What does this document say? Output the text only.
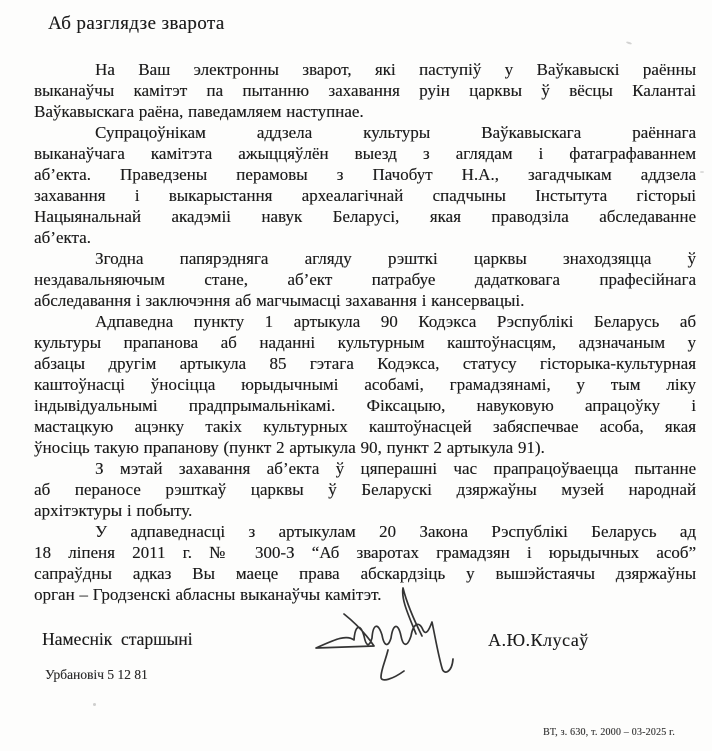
Аб разглядзе зварота
На Ваш электронны зварот, які паступіў у Ваўкавыскі раённы
выканаўчы камітэт па пытанню захавання руін царквы ў вёсцы Калантаі
Ваўкавыскага раёна, паведамляем наступнае.
Супрацоўнікам аддзела культуры Ваўкавыскага раённага
выканаўчага камітэта ажыццяўлён выезд з аглядам і фатаграфаваннем
аб’екта. Праведзены перамовы з Пачобут Н.А., загадчыкам аддзела
захавання і выкарыстання археалагічнай спадчыны Інстытута гісторыі
Нацыянальнай акадэміі навук Беларусі, якая праводзіла абследаванне
аб’екта.
Згодна папярэдняга агляду рэшткі царквы знаходзяцца ў
нездавальняючым стане, аб’ект патрабуе дадатковага прафесійнага
абследавання і заключэння аб магчымасці захавання і кансервацыі.
Адпаведна пункту 1 артыкула 90 Кодэкса Рэспублікі Беларусь аб
культуры прапанова аб наданні культурным каштоўнасцям, адзначаным у
абзацы другім артыкула 85 гэтага Кодэкса, статусу гісторыка-культурная
каштоўнасці ўносіцца юрыдычнымі асобамі, грамадзянамі, у тым ліку
індывідуальнымі прадпрымальнікамі. Фіксацыю, навуковую апрацоўку і
мастацкую ацэнку такіх культурных каштоўнасцей забяспечвае асоба, якая
ўносіць такую прапанову (пункт 2 артыкула 90, пункт 2 артыкула 91).
З мэтай захавання аб’екта ў цяперашні час прапрацоўваецца пытанне
аб пераносе рэшткаў царквы ў Беларускі дзяржаўны музей народнай
архітэктуры і побыту.
У адпаведнасці з артыкулам 20 Закона Рэспублікі Беларусь ад
18 ліпеня 2011 г. № 300-З “Аб зваротах грамадзян і юрыдычных асоб”
сапраўдны адказ Вы маеце права абскардзіць у вышэйстаячы дзяржаўны
орган – Гродзенскі абласны выканаўчы камітэт.
Намеснік  старшыні	А.Ю.Клусаў
Урбановіч 5 12 81
ВТ, з. 630, т. 2000 – 03-2025 г.
